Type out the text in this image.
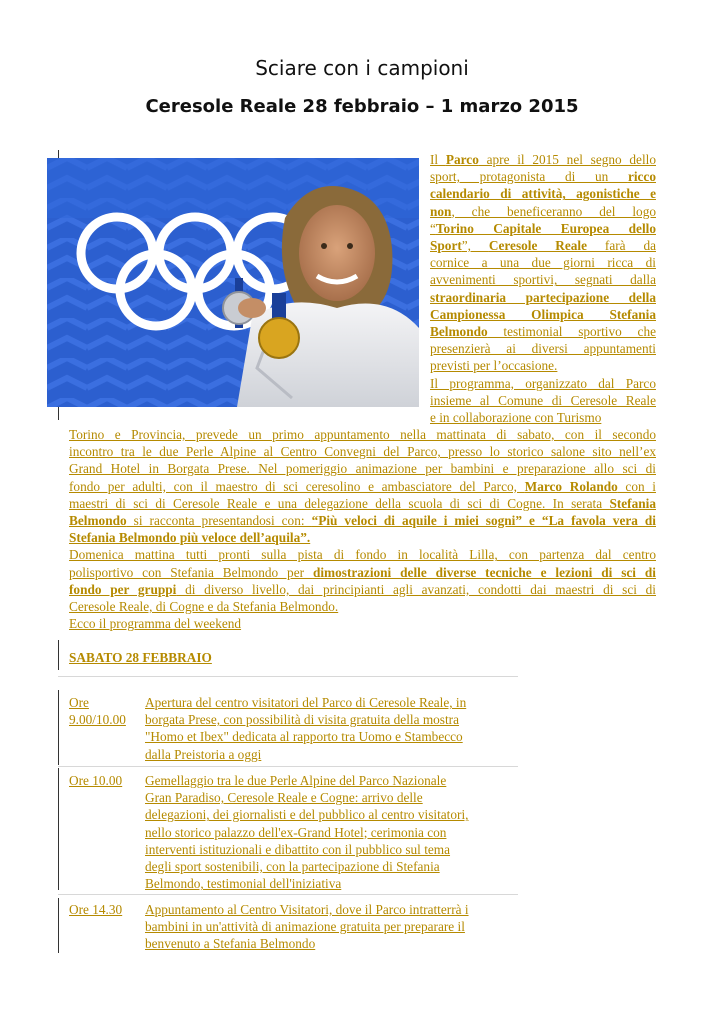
Sciare con i campioni
Ceresole Reale 28 febbraio – 1 marzo 2015
Il Parco apre il 2015 nel segno dello
sport, protagonista di un ricco
calendario di attività, agonistiche e
non, che beneficeranno del logo
“Torino Capitale Europea dello
Sport”, Ceresole Reale farà da
cornice a una due giorni ricca di
avvenimenti sportivi, segnati dalla
straordinaria partecipazione della
Campionessa Olimpica Stefania
Belmondo testimonial sportivo che
presenzierà ai diversi appuntamenti
previsti per l’occasione.
Il programma, organizzato dal Parco
insieme al Comune di Ceresole Reale
e in collaborazione con Turismo
Torino e Provincia, prevede un primo appuntamento nella mattinata di sabato, con il secondo
incontro tra le due Perle Alpine al Centro Convegni del Parco, presso lo storico salone sito nell’ex
Grand Hotel in Borgata Prese. Nel pomeriggio animazione per bambini e preparazione allo sci di
fondo per adulti, con il maestro di sci ceresolino e ambasciatore del Parco, Marco Rolando con i
maestri di sci di Ceresole Reale e una delegazione della scuola di sci di Cogne. In serata Stefania
Belmondo si racconta presentandosi con: “Più veloci di aquile i miei sogni” e “La favola vera di
Stefania Belmondo più veloce dell’aquila”.
Domenica mattina tutti pronti sulla pista di fondo in località Lilla, con partenza dal centro
polisportivo con Stefania Belmondo per dimostrazioni delle diverse tecniche e lezioni di sci di
fondo per gruppi di diverso livello, dai principianti agli avanzati, condotti dai maestri di sci di
Ceresole Reale, di Cogne e da Stefania Belmondo.
Ecco il programma del weekend
SABATO 28 FEBBRAIO
Ore
9.00/10.00
Apertura del centro visitatori del Parco di Ceresole Reale, in
borgata Prese, con possibilità di visita gratuita della mostra
"Homo et Ibex" dedicata al rapporto tra Uomo e Stambecco
dalla Preistoria a oggi
Ore 10.00	Gemellaggio tra le due Perle Alpine del Parco Nazionale
Gran Paradiso, Ceresole Reale e Cogne: arrivo delle
delegazioni, dei giornalisti e del pubblico al centro visitatori,
nello storico palazzo dell'ex-Grand Hotel; cerimonia con
interventi istituzionali e dibattito con il pubblico sul tema
degli sport sostenibili, con la partecipazione di Stefania
Belmondo, testimonial dell'iniziativa
Ore 14.30	Appuntamento al Centro Visitatori, dove il Parco intratterrà i
bambini in un'attività di animazione gratuita per preparare il
benvenuto a Stefania Belmondo
